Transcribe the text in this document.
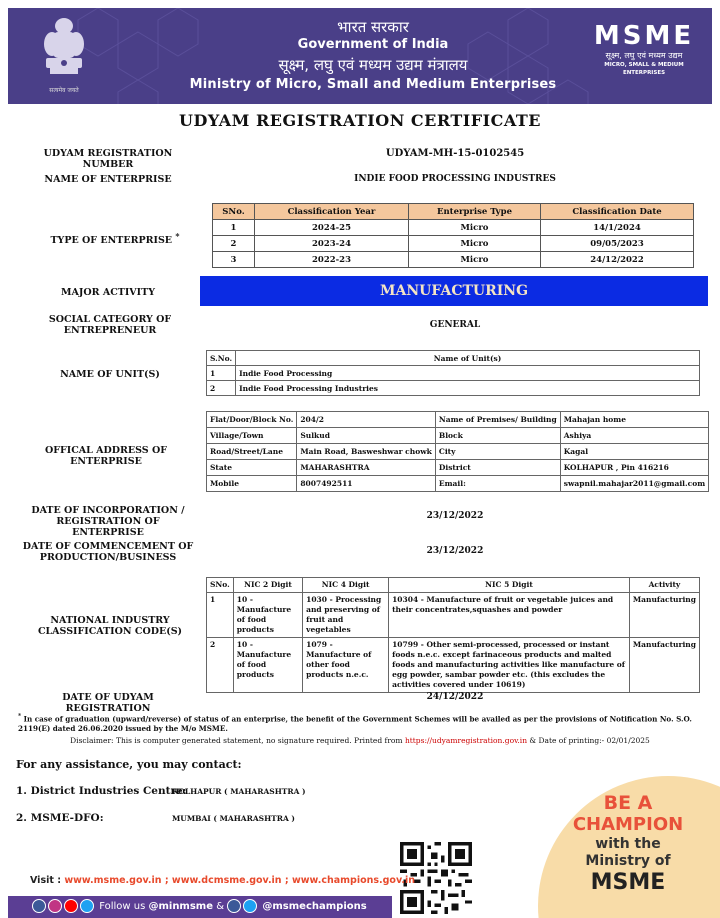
सत्यमेव जयते
भारत सरकार
Government of India
सूक्ष्म, लघु एवं मध्यम उद्यम मंत्रालय
Ministry of Micro, Small and Medium Enterprises
MSME
सूक्ष्म, लघु एवं मध्यम उद्यम
MICRO, SMALL & MEDIUM ENTERPRISES
UDYAM REGISTRATION CERTIFICATE
UDYAM REGISTRATION NUMBER
UDYAM-MH-15-0102545
NAME OF ENTERPRISE	INDIE FOOD PROCESSING INDUSTRES
TYPE OF ENTERPRISE *
SNo.	Classification Year	Enterprise Type	Classification Date
1	2024-25	Micro	14/1/2024
2	2023-24	Micro	09/05/2023
3	2022-23	Micro	24/12/2022
MAJOR ACTIVITY	MANUFACTURING
SOCIAL CATEGORY OF ENTREPRENEUR	GENERAL
NAME OF UNIT(S)
S.No.	Name of Unit(s)
1	Indie Food Processing
2	Indie Food Processing Industries
OFFICAL ADDRESS OF ENTERPRISE
Flat/Door/Block No.	204/2	Name of Premises/ Building	Mahajan home
Village/Town	Sulkud	Block	Ashiya
Road/Street/Lane	Main Road, Basweshwar chowk	City	Kagal
State	MAHARASHTRA	District	KOLHAPUR , Pin 416216
Mobile	8007492511	Email:	swapnil.mahajar2011@gmail.com
DATE OF INCORPORATION / REGISTRATION OF ENTERPRISE
23/12/2022
DATE OF COMMENCEMENT OF PRODUCTION/BUSINESS
23/12/2022
NATIONAL INDUSTRY CLASSIFICATION CODE(S)
SNo.	NIC 2 Digit	NIC 4 Digit	NIC 5 Digit	Activity
1	10 - Manufacture of food products	1030 - Processing and preserving of fruit and vegetables	10304 - Manufacture of fruit or vegetable juices and their concentrates,squashes and powder	Manufacturing
2	10 - Manufacture of food products	1079 - Manufacture of other food products n.e.c.	10799 - Other semi-processed, processed or instant foods n.e.c. except farinaceous products and malted foods and manufacturing activities like manufacture of egg powder, sambar powder etc. (this excludes the activities covered under 10619)	Manufacturing
DATE OF UDYAM REGISTRATION
24/12/2022
* In case of graduation (upward/reverse) of status of an enterprise, the benefit of the Government Schemes will be availed as per the provisions of Notification No. S.O. 2119(E) dated 26.06.2020 issued by the M/o MSME.
Disclaimer: This is computer generated statement, no signature required. Printed from https://udyamregistration.gov.in & Date of printing:- 02/01/2025
For any assistance, you may contact:
1. District Industries Centre:
KOLHAPUR ( MAHARASHTRA )
2. MSME-DFO:	MUMBAI ( MAHARASHTRA )
BE A
CHAMPION
with the
Ministry of
MSME
Visit : www.msme.gov.in ; www.dcmsme.gov.in ; www.champions.gov.in
Follow us @minmsme &	@msmechampions
